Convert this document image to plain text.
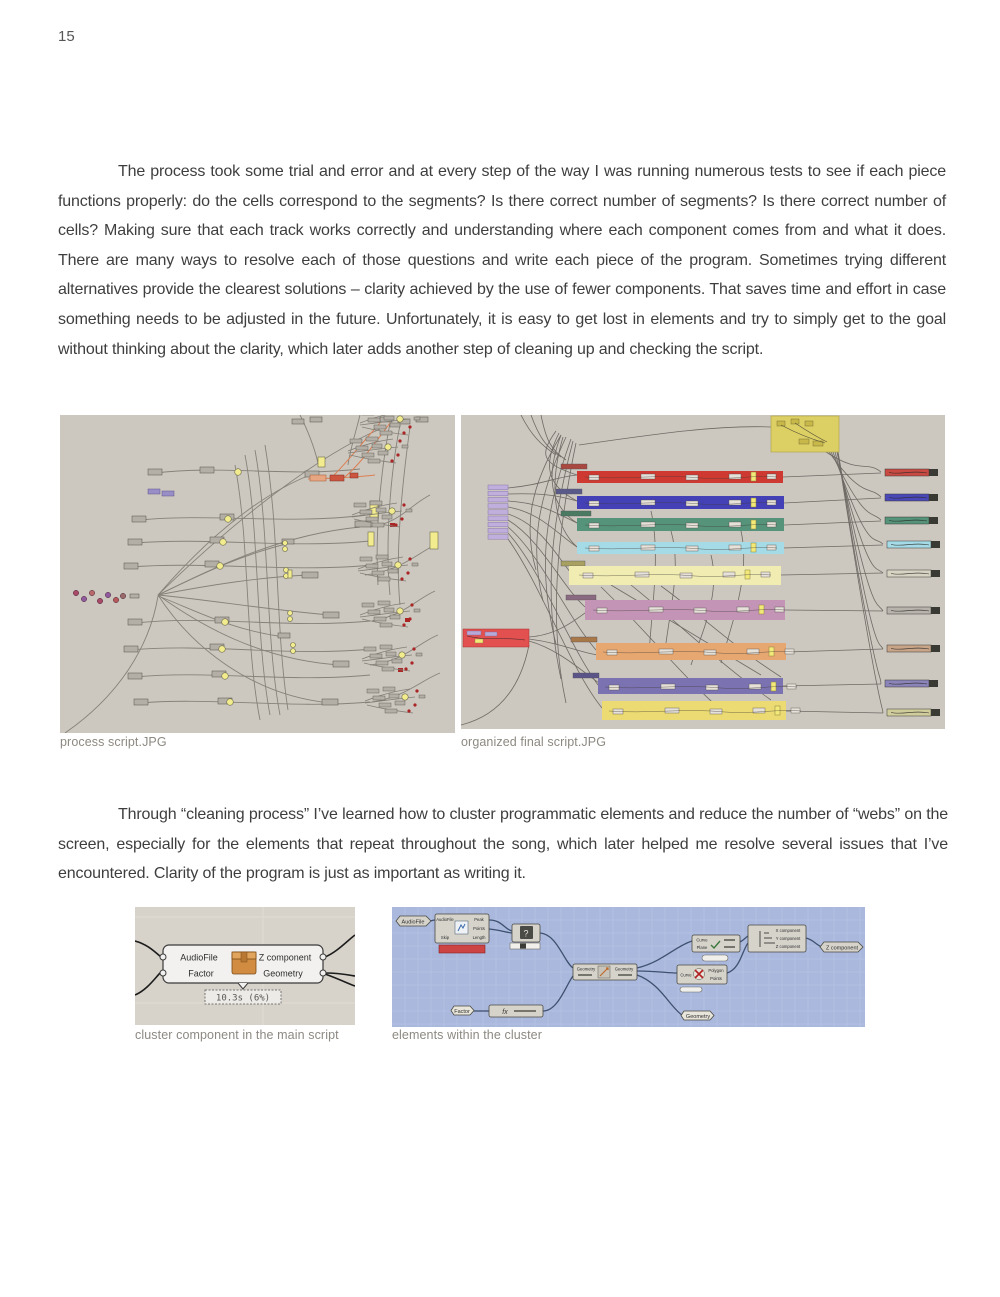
15

The process took some trial and error and at every step of the way I was running numerous tests to see if each piece functions properly: do the cells correspond to the segments? Is there correct number of segments? Is there correct number of cells? Making sure that each track works correctly and understanding where each component comes from and what it does. There are many ways to resolve each of those questions and write each piece of the program. Sometimes trying different alternatives provide the clearest solutions – clarity achieved by the use of fewer components. That saves time and effort in case something needs to be adjusted in the future. Unfortunately, it is easy to get lost in elements and try to simply get to the goal without thinking about the clarity, which later adds another step of cleaning up and checking the script.

process script.JPG	organized final script.JPG

Through “cleaning process” I’ve learned how to cluster programmatic elements and reduce the number of “webs” on the screen, especially for the elements that repeat throughout the song, which later helped me resolve several issues that I’ve encountered. Clarity of the program is just as important as writing it.

AudioFile
Factor
Z component
Geometry
10.3s (6%)
AudioFile	AudioFile
Skip
Peak
Points
Length	?
Geometry	Geometry
Factor	fx
Curve
Plane
Curve
Polygon
Points
Geometry
X component
Y component
Z component	Z component
cluster component in the main script	elements within the cluster
